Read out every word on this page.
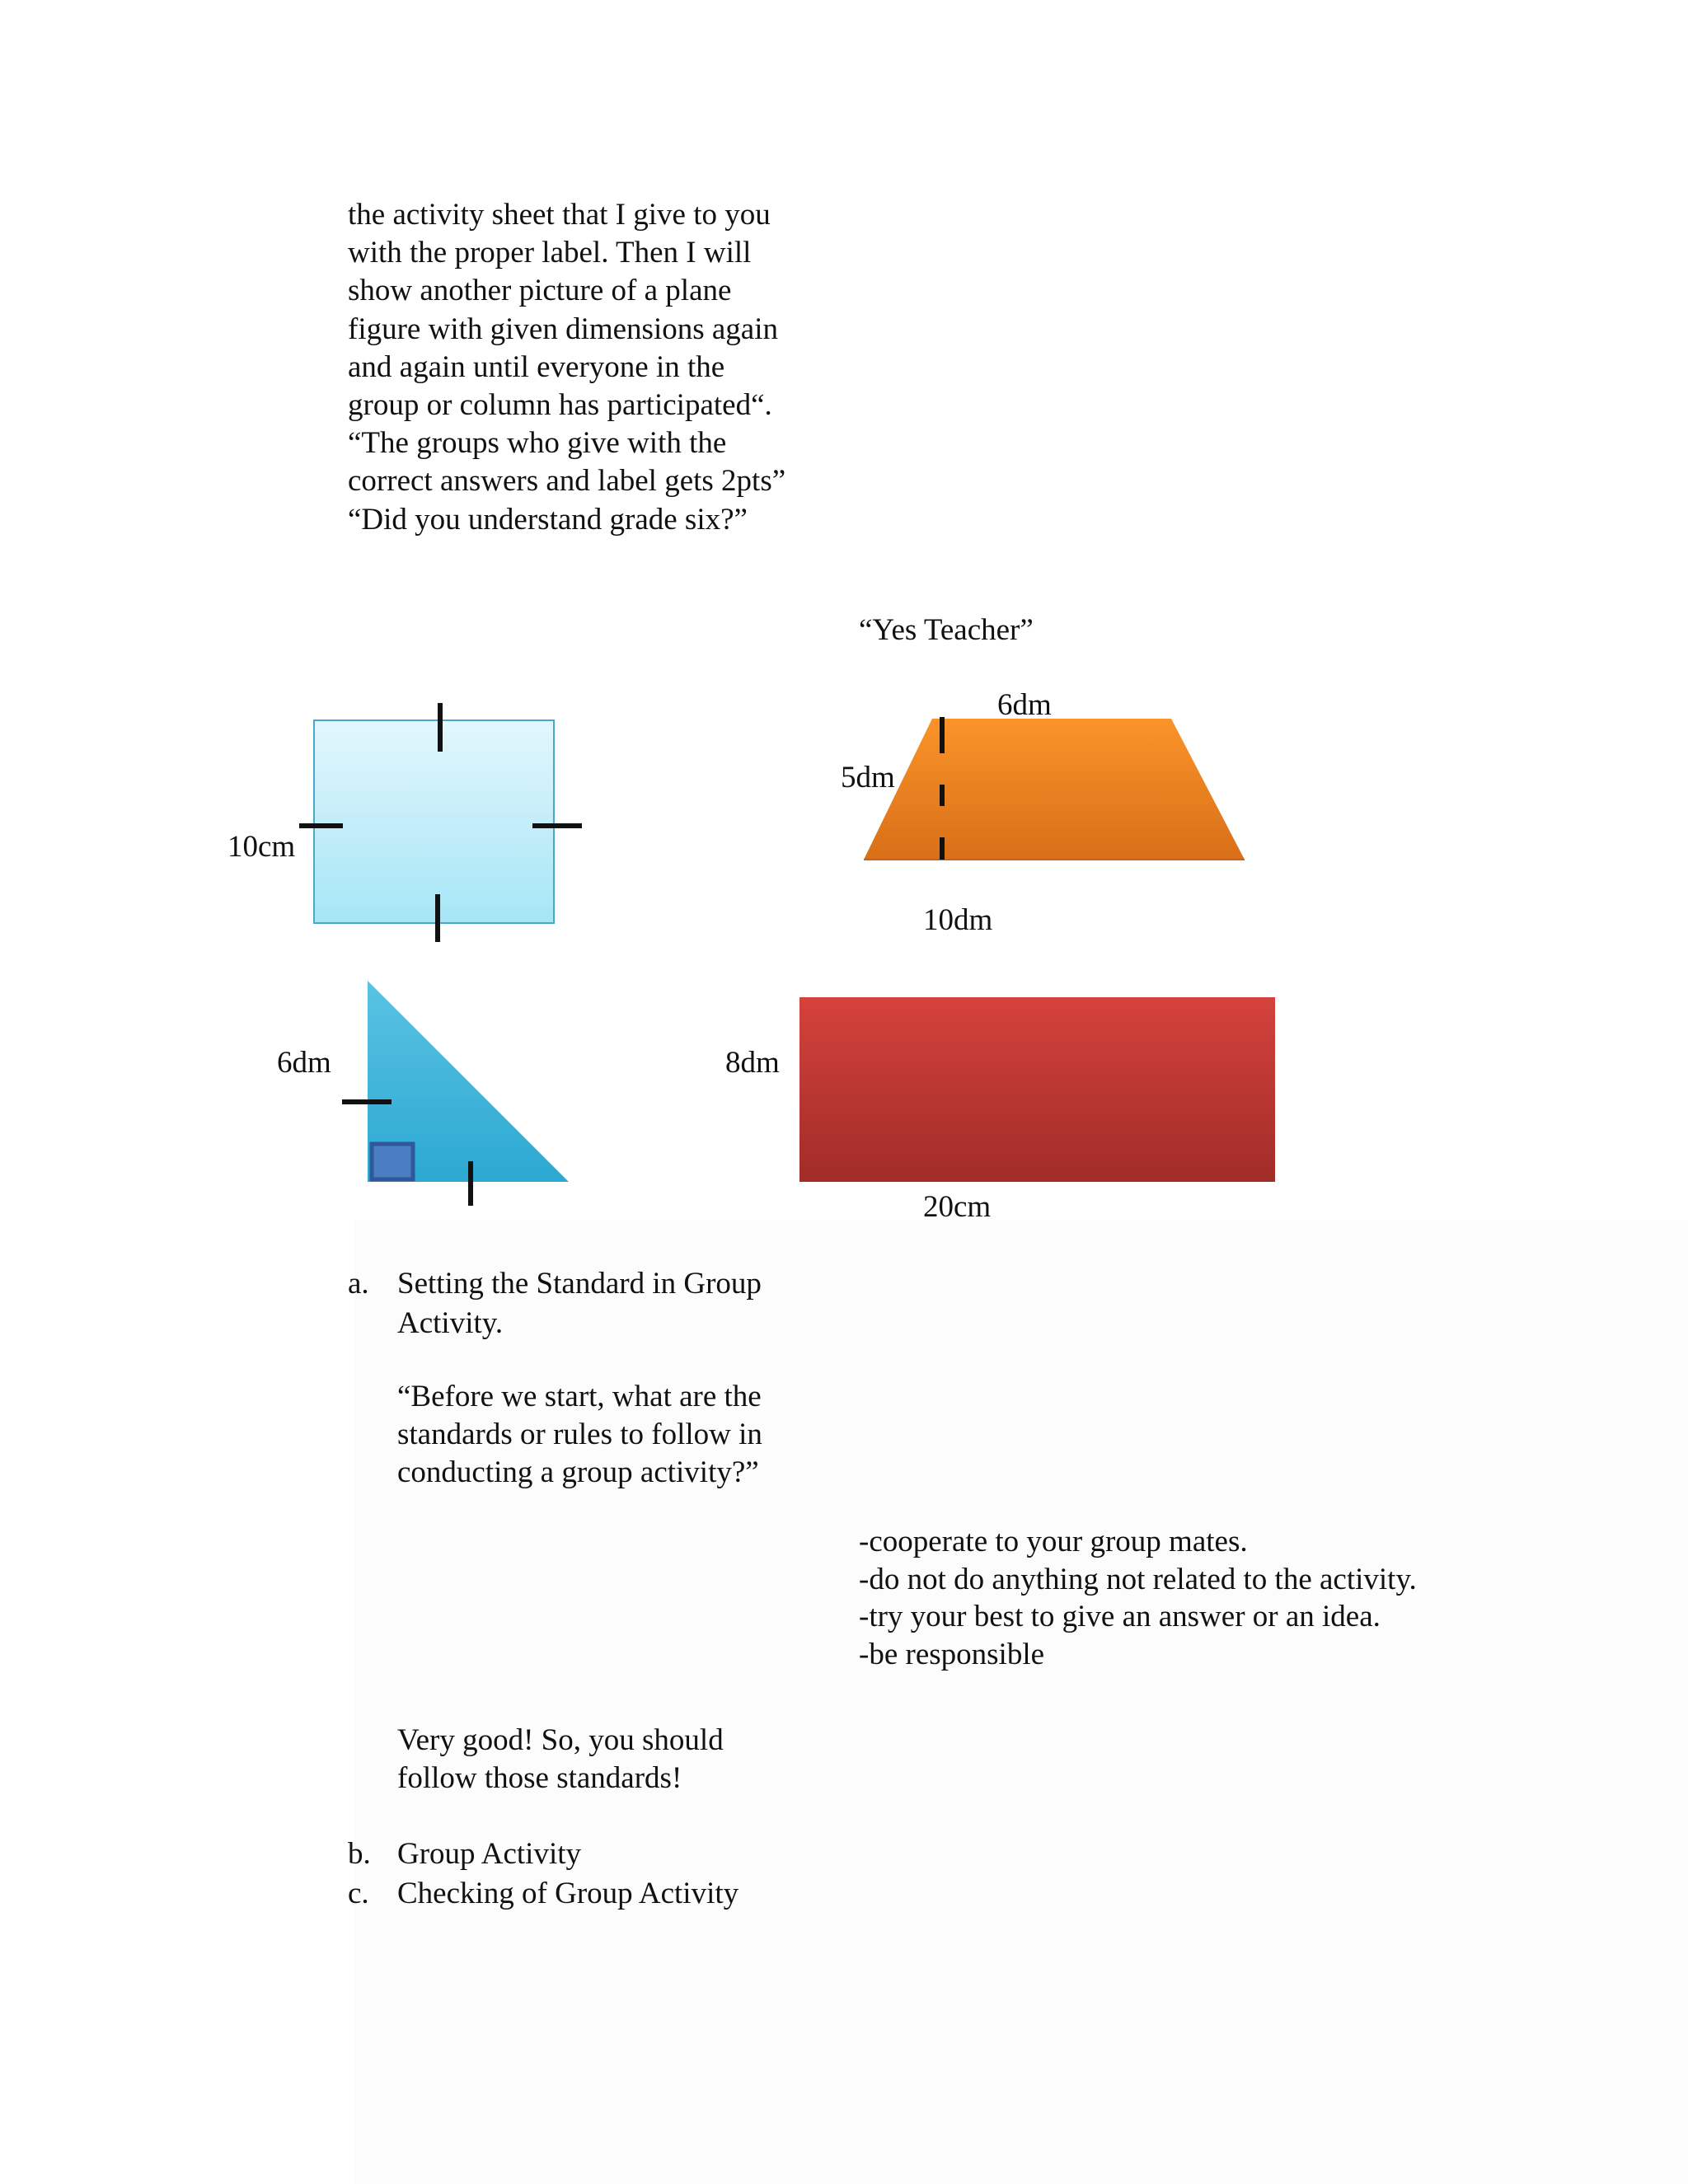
the activity sheet that I give to you
with the proper label. Then I will
show another picture of a plane
figure with given dimensions again
and again until everyone in the
group or column has participated“.
“The groups who give with the
correct answers and label gets 2pts”
“Did you understand grade six?”
“Yes Teacher”
10cm
6dm
5dm
10dm
6dm	8dm
20cm
a. Setting the Standard in Group
Activity.
“Before we start, what are the
standards or rules to follow in
conducting a group activity?”
-cooperate to your group mates.
-do not do anything not related to the activity.
-try your best to give an answer or an idea.
-be responsible
Very good! So, you should
follow those standards!
b. Group Activity
c. Checking of Group Activity
